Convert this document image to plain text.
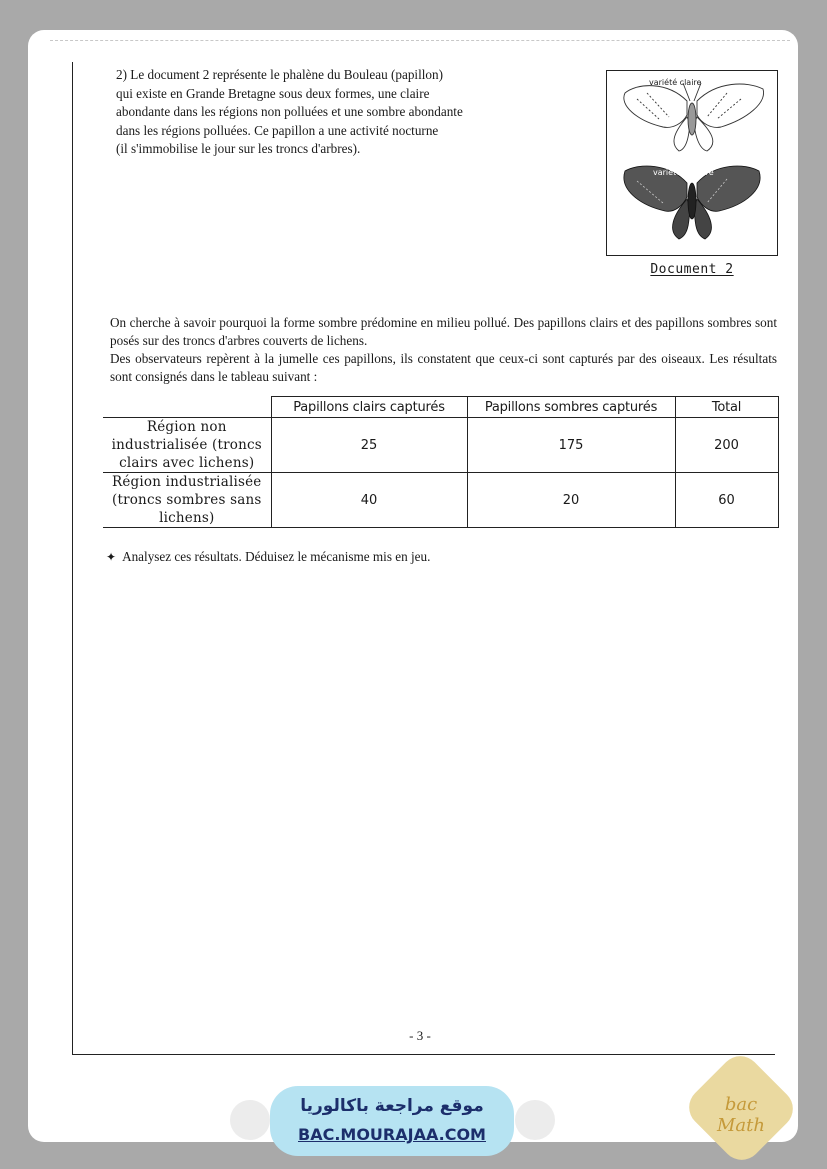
2) Le document 2 représente le phalène du Bouleau (papillon)
qui existe en Grande Bretagne sous deux formes, une claire
abondante dans les régions non polluées et une sombre abondante
dans les régions polluées. Ce papillon a une activité nocturne
(il s'immobilise le jour sur les troncs d'arbres).
variété claire
variété sombre
Document 2

On cherche à savoir pourquoi la forme sombre prédomine en milieu pollué. Des papillons clairs et des papillons sombres sont posés sur des troncs d'arbres couverts de lichens.

Des observateurs repèrent à la jumelle ces papillons, ils constatent que ceux-ci sont capturés par des oiseaux. Les résultats sont consignés dans le tableau suivant :

	Papillons clairs capturés	Papillons sombres capturés	Total

Région non
industrialisée (troncs
clairs avec lichens)	25	175	200

Région industrialisée
(troncs sombres sans
lichens)	40	20	60
✦ Analysez ces résultats. Déduisez le mécanisme mis en jeu.
- 3 -
موقع مراجعة باكالوريا
BAC.MOURAJAA.COM
bac Math
